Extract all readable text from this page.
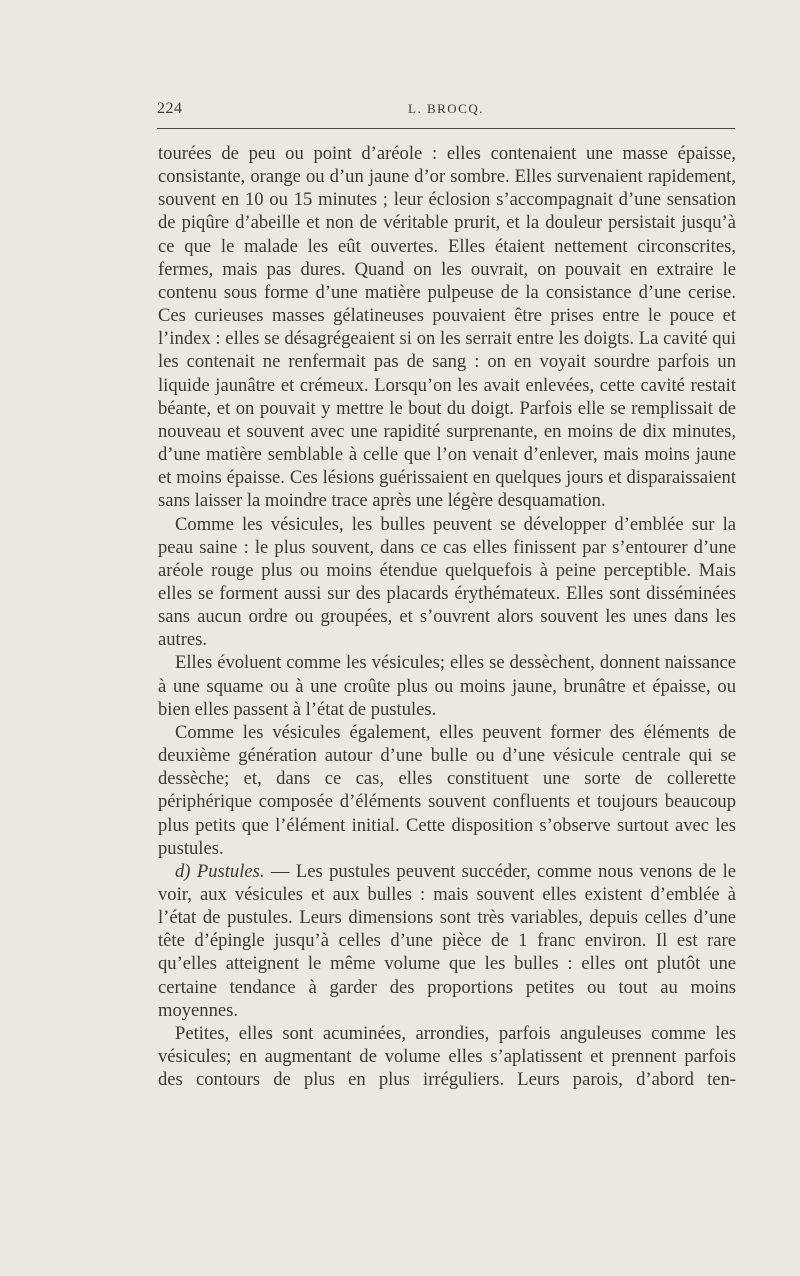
224	L. BROCQ.

tourées de peu ou point d’aréole : elles contenaient une masse épaisse, consistante, orange ou d’un jaune d’or sombre. Elles survenaient rapidement, souvent en 10 ou 15 minutes ; leur éclosion s’accompagnait d’une sensation de piqûre d’abeille et non de véritable prurit, et la douleur persistait jusqu’à ce que le malade les eût ouvertes. Elles étaient nettement circonscrites, fermes, mais pas dures. Quand on les ouvrait, on pouvait en extraire le contenu sous forme d’une matière pulpeuse de la consistance d’une cerise. Ces curieuses masses gélatineuses pouvaient être prises entre le pouce et l’index : elles se désagrégeaient si on les serrait entre les doigts. La cavité qui les contenait ne renfermait pas de sang : on en voyait sourdre parfois un liquide jaunâtre et crémeux. Lorsqu’on les avait enlevées, cette cavité restait béante, et on pouvait y mettre le bout du doigt. Parfois elle se remplissait de nouveau et souvent avec une rapidité surprenante, en moins de dix minutes, d’une matière semblable à celle que l’on venait d’enlever, mais moins jaune et moins épaisse. Ces lésions guérissaient en quelques jours et disparaissaient sans laisser la moindre trace après une légère desquamation.

Comme les vésicules, les bulles peuvent se développer d’emblée sur la peau saine : le plus souvent, dans ce cas elles finissent par s’entourer d’une aréole rouge plus ou moins étendue quelquefois à peine perceptible. Mais elles se forment aussi sur des placards érythémateux. Elles sont disséminées sans aucun ordre ou groupées, et s’ouvrent alors souvent les unes dans les autres.

Elles évoluent comme les vésicules; elles se dessèchent, donnent naissance à une squame ou à une croûte plus ou moins jaune, brunâtre et épaisse, ou bien elles passent à l’état de pustules.

Comme les vésicules également, elles peuvent former des éléments de deuxième génération autour d’une bulle ou d’une vésicule centrale qui se dessèche; et, dans ce cas, elles constituent une sorte de collerette périphérique composée d’éléments souvent confluents et toujours beaucoup plus petits que l’élément initial. Cette disposition s’observe surtout avec les pustules.

d) Pustules. — Les pustules peuvent succéder, comme nous venons de le voir, aux vésicules et aux bulles : mais souvent elles existent d’emblée à l’état de pustules. Leurs dimensions sont très variables, depuis celles d’une tête d’épingle jusqu’à celles d’une pièce de 1 franc environ. Il est rare qu’elles atteignent le même volume que les bulles : elles ont plutôt une certaine tendance à garder des proportions petites ou tout au moins moyennes.

Petites, elles sont acuminées, arrondies, parfois anguleuses comme les vésicules; en augmentant de volume elles s’aplatissent et prennent parfois des contours de plus en plus irréguliers. Leurs parois, d’abord ten-
